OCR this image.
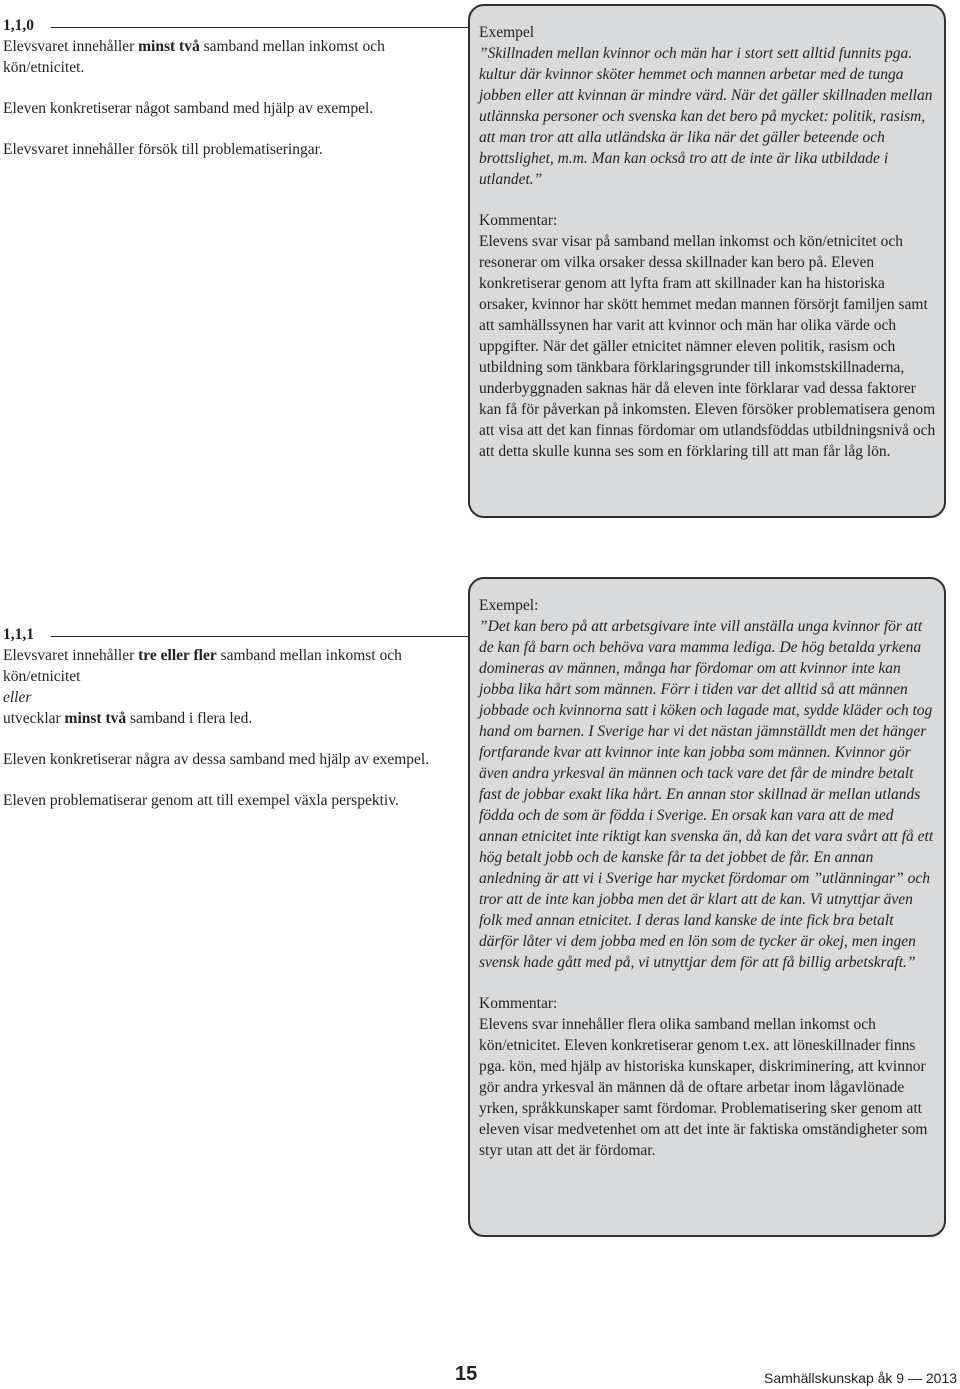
1,1,0

Elevsvaret innehåller minst två samband mellan inkomst och kön/etnicitet.

Eleven konkretiserar något samband med hjälp av exempel.

Elevsvaret innehåller försök till problematiseringar.

Exempel

”Skillnaden mellan kvinnor och män har i stort sett alltid funnits pga. kultur där kvinnor sköter hemmet och mannen arbetar med de tunga jobben eller att kvinnan är mindre värd. När det gäller skillnaden mellan utlännska personer och svenska kan det bero på mycket: politik, rasism, att man tror att alla utländska är lika när det gäller beteende och brottslighet, m.m. Man kan också tro att de inte är lika utbildade i utlandet.”

Kommentar:

Elevens svar visar på samband mellan inkomst och kön/etnicitet och resonerar om vilka orsaker dessa skillnader kan bero på. Eleven konkretiserar genom att lyfta fram att skillnader kan ha historiska orsaker, kvinnor har skött hemmet medan mannen försörjt familjen samt att samhällssynen har varit att kvinnor och män har olika värde och uppgifter. När det gäller etnicitet nämner eleven politik, rasism och utbildning som tänkbara förklaringsgrunder till inkomstskillnaderna, underbyggnaden saknas här då eleven inte förklarar vad dessa faktorer kan få för påverkan på inkomsten. Eleven försöker problematisera genom att visa att det kan finnas fördomar om utlandsföddas utbildningsnivå och att detta skulle kunna ses som en förklaring till att man får låg lön.

1,1,1

Elevsvaret innehåller tre eller fler samband mellan inkomst och kön/etnicitet

eller

utvecklar minst två samband i flera led.

Eleven konkretiserar några av dessa samband med hjälp av exempel.

Eleven problematiserar genom att till exempel växla perspektiv.

Exempel:

”Det kan bero på att arbetsgivare inte vill anställa unga kvinnor för att de kan få barn och behöva vara mamma lediga. De hög betalda yrkena domineras av männen, många har fördomar om att kvinnor inte kan jobba lika hårt som männen. Förr i tiden var det alltid så att männen jobbade och kvinnorna satt i köken och lagade mat, sydde kläder och tog hand om barnen. I Sverige har vi det nästan jämnställdt men det hänger fortfarande kvar att kvinnor inte kan jobba som männen. Kvinnor gör även andra yrkesval än männen och tack vare det får de mindre betalt fast de jobbar exakt lika hårt. En annan stor skillnad är mellan utlands födda och de som är födda i Sverige. En orsak kan vara att de med annan etnicitet inte riktigt kan svenska än, då kan det vara svårt att få ett hög betalt jobb och de kanske får ta det jobbet de får. En annan anledning är att vi i Sverige har mycket fördomar om ”utlänningar” och tror att de inte kan jobba men det är klart att de kan. Vi utnyttjar även folk med annan etnicitet. I deras land kanske de inte fick bra betalt därför låter vi dem jobba med en lön som de tycker är okej, men ingen svensk hade gått med på, vi utnyttjar dem för att få billig arbetskraft.”

Kommentar:

Elevens svar innehåller flera olika samband mellan inkomst och kön/etnicitet. Eleven konkretiserar genom t.ex. att löneskillnader finns pga. kön, med hjälp av historiska kunskaper, diskriminering, att kvinnor gör andra yrkesval än männen då de oftare arbetar inom lågavlönade yrken, språkkunskaper samt fördomar. Problematisering sker genom att eleven visar medvetenhet om att det inte är faktiska omständigheter som styr utan att det är fördomar.

15	Samhällskunskap åk 9 — 2013
